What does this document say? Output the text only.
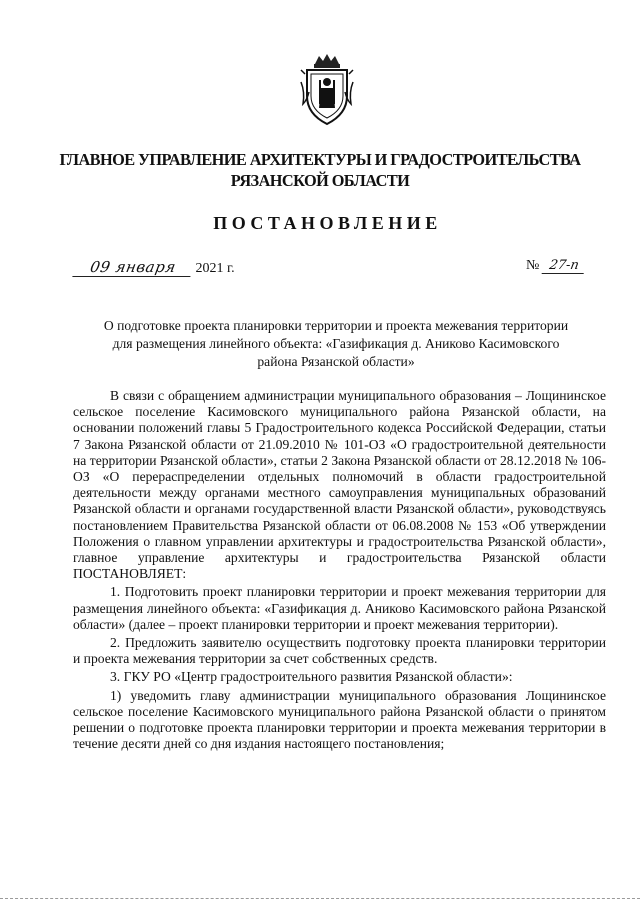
ГЛАВНОЕ УПРАВЛЕНИЕ АРХИТЕКТУРЫ И ГРАДОСТРОИТЕЛЬСТВА
РЯЗАНСКОЙ ОБЛАСТИ
ПОСТАНОВЛЕНИЕ
09 января 2021 г.	№ 27-п
О подготовке проекта планировки территории и проекта межевания территории для размещения линейного объекта: «Газификация д. Аниково Касимовского района Рязанской области»

В связи с обращением администрации муниципального образования – Лощининское сельское поселение Касимовского муниципального района Рязанской области, на основании положений главы 5 Градостроительного кодекса Российской Федерации, статьи 7 Закона Рязанской области от 21.09.2010 № 101-ОЗ «О градостроительной деятельности на территории Рязанской области», статьи 2 Закона Рязанской области от 28.12.2018 № 106-ОЗ «О перераспределении отдельных полномочий в области градостроительной деятельности между органами местного самоуправления муниципальных образований Рязанской области и органами государственной власти Рязанской области», руководствуясь постановлением Правительства Рязанской области от 06.08.2008 № 153 «Об утверждении Положения о главном управлении архитектуры и градостроительства Рязанской области», главное управление архитектуры и градостроительства Рязанской области ПОСТАНОВЛЯЕТ:

1. Подготовить проект планировки территории и проект межевания территории для размещения линейного объекта: «Газификация д. Аниково Касимовского района Рязанской области» (далее – проект планировки территории и проект межевания территории).

2. Предложить заявителю осуществить подготовку проекта планировки территории и проекта межевания территории за счет собственных средств.

3. ГКУ РО «Центр градостроительного развития Рязанской области»:

1) уведомить главу администрации муниципального образования Лощининское сельское поселение Касимовского муниципального района Рязанской области о принятом решении о подготовке проекта планировки территории и проекта межевания территории в течение десяти дней со дня издания настоящего постановления;
